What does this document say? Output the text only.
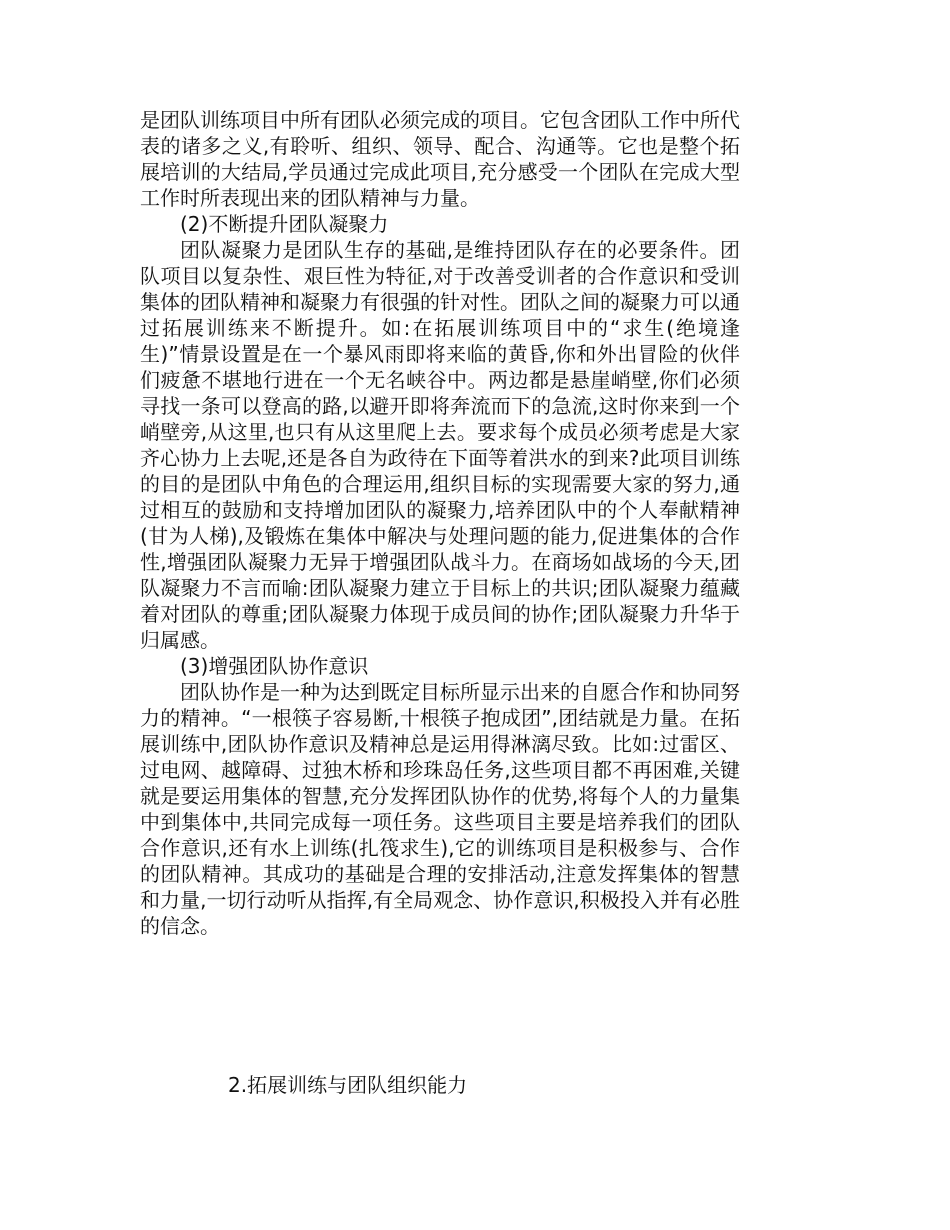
是团队训练项目中所有团队必须完成的项目。它包含团队工作中所代表的诸多之义,有聆听、组织、领导、配合、沟通等。它也是整个拓展培训的大结局,学员通过完成此项目,充分感受一个团队在完成大型工作时所表现出来的团队精神与力量。

(2)不断提升团队凝聚力

团队凝聚力是团队生存的基础,是维持团队存在的必要条件。团队项目以复杂性、艰巨性为特征,对于改善受训者的合作意识和受训集体的团队精神和凝聚力有很强的针对性。团队之间的凝聚力可以通过拓展训练来不断提升。如:在拓展训练项目中的“求生(绝境逢生)”情景设置是在一个暴风雨即将来临的黄昏,你和外出冒险的伙伴们疲惫不堪地行进在一个无名峡谷中。两边都是悬崖峭壁,你们必须寻找一条可以登高的路,以避开即将奔流而下的急流,这时你来到一个峭壁旁,从这里,也只有从这里爬上去。要求每个成员必须考虑是大家齐心协力上去呢,还是各自为政待在下面等着洪水的到来?此项目训练的目的是团队中角色的合理运用,组织目标的实现需要大家的努力,通过相互的鼓励和支持增加团队的凝聚力,培养团队中的个人奉献精神(甘为人梯),及锻炼在集体中解决与处理问题的能力,促进集体的合作性,增强团队凝聚力无异于增强团队战斗力。在商场如战场的今天,团队凝聚力不言而喻:团队凝聚力建立于目标上的共识;团队凝聚力蕴藏着对团队的尊重;团队凝聚力体现于成员间的协作;团队凝聚力升华于归属感。

(3)增强团队协作意识

团队协作是一种为达到既定目标所显示出来的自愿合作和协同努力的精神。“一根筷子容易断,十根筷子抱成团”,团结就是力量。在拓展训练中,团队协作意识及精神总是运用得淋漓尽致。比如:过雷区、过电网、越障碍、过独木桥和珍珠岛任务,这些项目都不再困难,关键就是要运用集体的智慧,充分发挥团队协作的优势,将每个人的力量集中到集体中,共同完成每一项任务。这些项目主要是培养我们的团队合作意识,还有水上训练(扎筏求生),它的训练项目是积极参与、合作的团队精神。其成功的基础是合理的安排活动,注意发挥集体的智慧和力量,一切行动听从指挥,有全局观念、协作意识,积极投入并有必胜的信念。

2.拓展训练与团队组织能力
